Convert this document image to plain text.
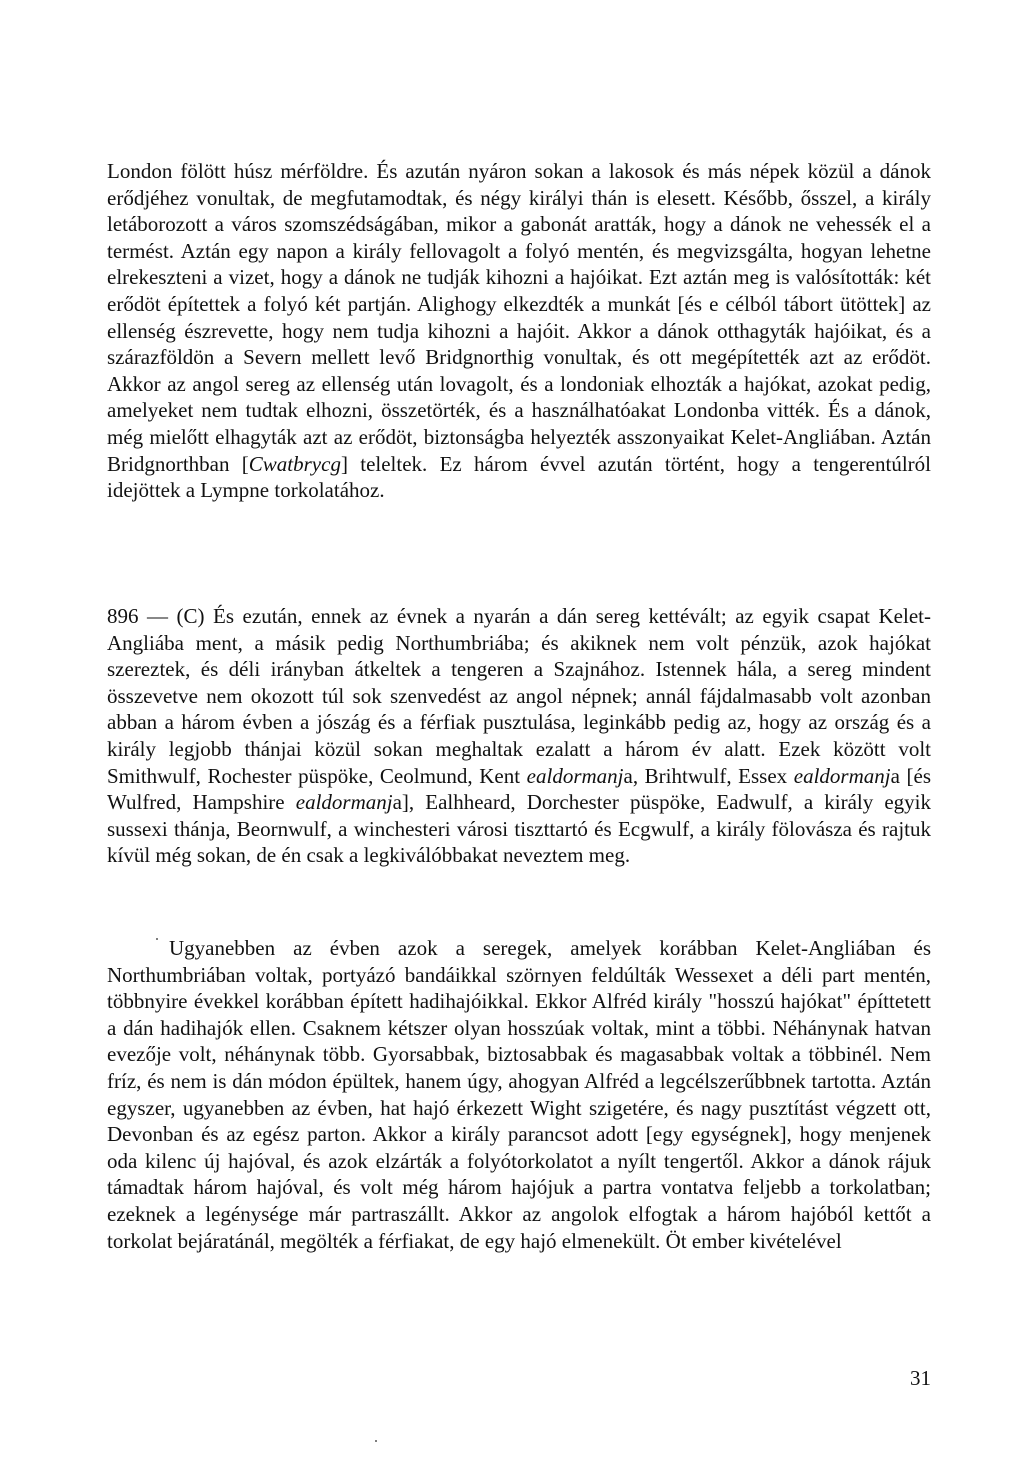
London fölött húsz mérföldre. És azután nyáron sokan a lakosok és más népek közül a dánok erődjéhez vonultak, de megfutamodtak, és négy királyi thán is elesett. Később, ősszel, a király letáborozott a város szomszédságában, mikor a gabonát aratták, hogy a dánok ne vehessék el a termést. Aztán egy napon a király fellovagolt a folyó mentén, és megvizsgálta, hogyan lehetne elrekeszteni a vizet, hogy a dánok ne tudják kihozni a hajóikat. Ezt aztán meg is valósították: két erődöt építettek a folyó két partján. Alighogy elkezdték a munkát [és e célból tábort ütöttek] az ellenség észrevette, hogy nem tudja kihozni a hajóit. Akkor a dánok otthagyták hajóikat, és a szárazföldön a Severn mellett levő Bridgnorthig vonultak, és ott megépítették azt az erődöt. Akkor az angol sereg az ellenség után lovagolt, és a londoniak elhozták a hajókat, azokat pedig, amelyeket nem tudtak elhozni, összetörték, és a használhatóakat Londonba vitték. És a dánok, még mielőtt elhagyták azt az erődöt, biztonságba helyezték asszonyaikat Kelet-Angliában. Aztán Bridgnorthban [Cwatbrycg] teleltek. Ez három évvel azután történt, hogy a tengerentúlról idejöttek a Lympne torkolatához.
896 — (C) És ezután, ennek az évnek a nyarán a dán sereg kettévált; az egyik csapat Kelet-Angliába ment, a másik pedig Northumbriába; és akiknek nem volt pénzük, azok hajókat szereztek, és déli irányban átkeltek a tengeren a Szajnához. Istennek hála, a sereg mindent összevetve nem okozott túl sok szenvedést az angol népnek; annál fájdalmasabb volt azonban abban a három évben a jószág és a férfiak pusztulása, leginkább pedig az, hogy az ország és a király legjobb thánjai közül sokan meghaltak ezalatt a három év alatt. Ezek között volt Smithwulf, Rochester püspöke, Ceolmund, Kent ealdormanja, Brihtwulf, Essex ealdormanja [és Wulfred, Hampshire ealdormanja], Ealhheard, Dorchester püspöke, Eadwulf, a király egyik sussexi thánja, Beornwulf, a winchesteri városi tiszttartó és Ecgwulf, a király fölovásza és rajtuk kívül még sokan, de én csak a legkiválóbbakat neveztem meg.
Ugyanebben az évben azok a seregek, amelyek korábban Kelet-Angliában és Northumbriában voltak, portyázó bandáikkal szörnyen feldúlták Wessexet a déli part mentén, többnyire évekkel korábban épített hadihajóikkal. Ekkor Alfréd király "hosszú hajókat" építtetett a dán hadihajók ellen. Csaknem kétszer olyan hosszúak voltak, mint a többi. Néhánynak hatvan evezője volt, néhánynak több. Gyorsabbak, biztosabbak és magasabbak voltak a többinél. Nem fríz, és nem is dán módon épültek, hanem úgy, ahogyan Alfréd a legcélszerűbbnek tartotta. Aztán egyszer, ugyanebben az évben, hat hajó érkezett Wight szigetére, és nagy pusztítást végzett ott, Devonban és az egész parton. Akkor a király parancsot adott [egy egységnek], hogy menjenek oda kilenc új hajóval, és azok elzárták a folyótorkolatot a nyílt tengertől. Akkor a dánok rájuk támadtak három hajóval, és volt még három hajójuk a partra vontatva feljebb a torkolatban; ezeknek a legénysége már partraszállt. Akkor az angolok elfogtak a három hajóból kettőt a torkolat bejáratánál, megölték a férfiakat, de egy hajó elmenekült. Öt ember kivételével
31
